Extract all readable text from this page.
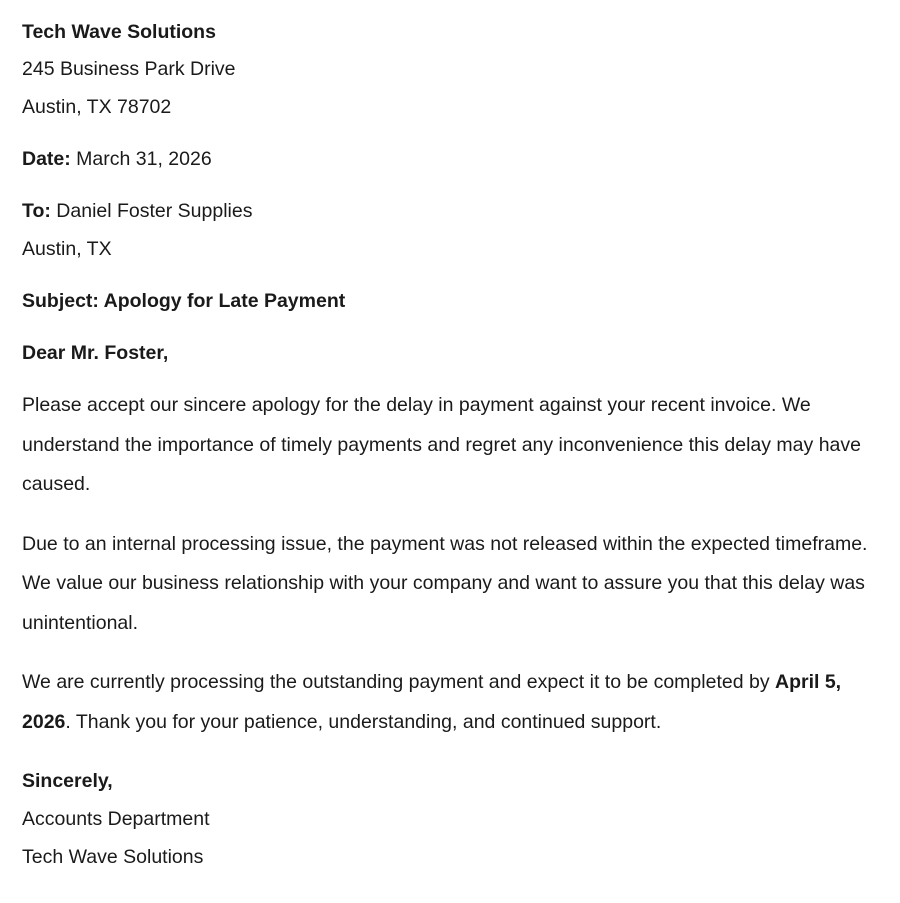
Tech Wave Solutions
245 Business Park Drive
Austin, TX 78702
Date: March 31, 2026
To: Daniel Foster Supplies
Austin, TX
Subject: Apology for Late Payment
Dear Mr. Foster,

Please accept our sincere apology for the delay in payment against your recent invoice. We understand the importance of timely payments and regret any inconvenience this delay may have caused.

Due to an internal processing issue, the payment was not released within the expected timeframe. We value our business relationship with your company and want to assure you that this delay was unintentional.

We are currently processing the outstanding payment and expect it to be completed by April 5, 2026. Thank you for your patience, understanding, and continued support.

Sincerely,
Accounts Department
Tech Wave Solutions
